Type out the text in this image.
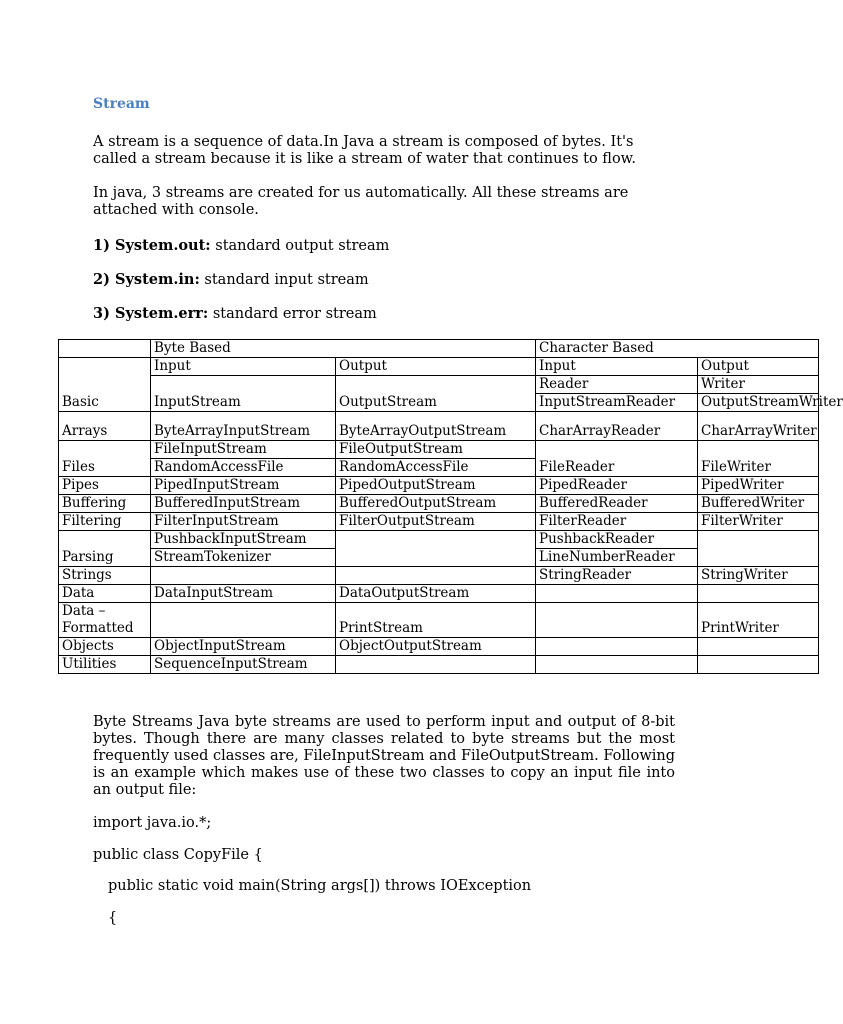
Stream
A stream is a sequence of data.In Java a stream is composed of bytes. It's called a stream because it is like a stream of water that continues to flow.
In java, 3 streams are created for us automatically. All these streams are attached with console.
1) System.out: standard output stream
2) System.in: standard input stream
3) System.err: standard error stream
	Byte Based		Character Based	
Basic	Input	Output	Input	Output
	InputStream	OutputStream	Reader	Writer
			InputStreamReader	OutputStreamWriter
Arrays	ByteArrayInputStream	ByteArrayOutputStream	CharArrayReader	CharArrayWriter
Files	FileInputStream	FileOutputStream	FileReader	FileWriter
	RandomAccessFile	RandomAccessFile		
Pipes	PipedInputStream	PipedOutputStream	PipedReader	PipedWriter
Buffering	BufferedInputStream	BufferedOutputStream	BufferedReader	BufferedWriter
Filtering	FilterInputStream	FilterOutputStream	FilterReader	FilterWriter
Parsing	PushbackInputStream		PushbackReader	
	StreamTokenizer		LineNumberReader	
Strings			StringReader	StringWriter
Data	DataInputStream	DataOutputStream		
Data –
Formatted		PrintStream		PrintWriter
Objects	ObjectInputStream	ObjectOutputStream		
Utilities	SequenceInputStream			
Byte Streams Java byte streams are used to perform input and output of 8-bit bytes. Though there are many classes related to byte streams but the most frequently used classes are, FileInputStream and FileOutputStream. Following is an example which makes use of these two classes to copy an input file into an output file:
import java.io.*;
public class CopyFile {
public static void main(String args[]) throws IOException
{
